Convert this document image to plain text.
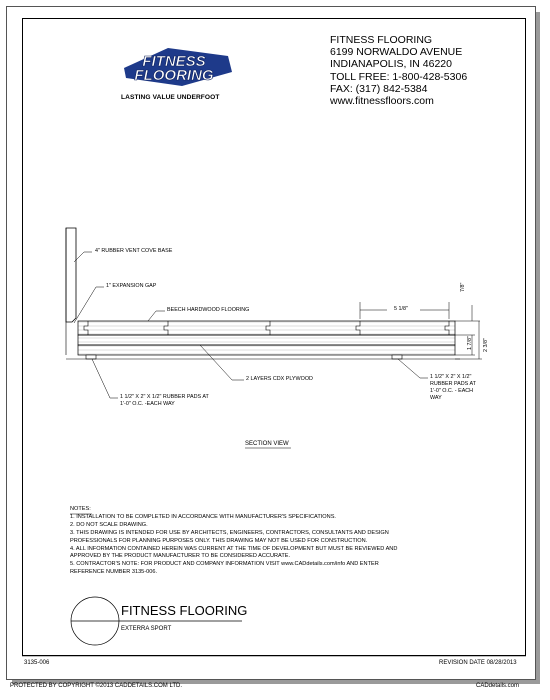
FITNESS
FLOORING
LASTING VALUE UNDERFOOT
FITNESS FLOORING
6199 NORWALDO AVENUE
INDIANAPOLIS, IN 46220
TOLL FREE: 1-800-428-5306
FAX: (317) 842-5384
www.fitnessfloors.com
4" RUBBER VENT COVE BASE
1" EXPANSION GAP
BEECH HARDWOOD FLOORING
2 LAYERS CDX PLYWOOD
1 1/2" X 2" X 1/2" RUBBER PADS AT
1'-0" O.C. -EACH WAY
1 1/2" X 2" X 1/2"
RUBBER PADS AT
1'-0" O.C. - EACH
WAY
5 1/8"
7/8"
1 7/8" 2 3/8"
SECTION VIEW
NOTES:
1. INSTALLATION TO BE COMPLETED IN ACCORDANCE WITH MANUFACTURER'S SPECIFICATIONS.
2. DO NOT SCALE DRAWING.
3. THIS DRAWING IS INTENDED FOR USE BY ARCHITECTS, ENGINEERS, CONTRACTORS, CONSULTANTS AND DESIGN
PROFESSIONALS FOR PLANNING PURPOSES ONLY. THIS DRAWING MAY NOT BE USED FOR CONSTRUCTION.
4. ALL INFORMATION CONTAINED HEREIN WAS CURRENT AT THE TIME OF DEVELOPMENT BUT MUST BE REVIEWED AND
APPROVED BY THE PRODUCT MANUFACTURER TO BE CONSIDERED ACCURATE.
5. CONTRACTOR'S NOTE: FOR PRODUCT AND COMPANY INFORMATION VISIT www.CADdetails.com/info AND ENTER
REFERENCE NUMBER 3135-006.
FITNESS FLOORING
EXTERRA SPORT
3135-006	REVISION DATE 08/28/2013
PROTECTED BY COPYRIGHT ©2013 CADDETAILS.COM LTD.	CADdetails.com
